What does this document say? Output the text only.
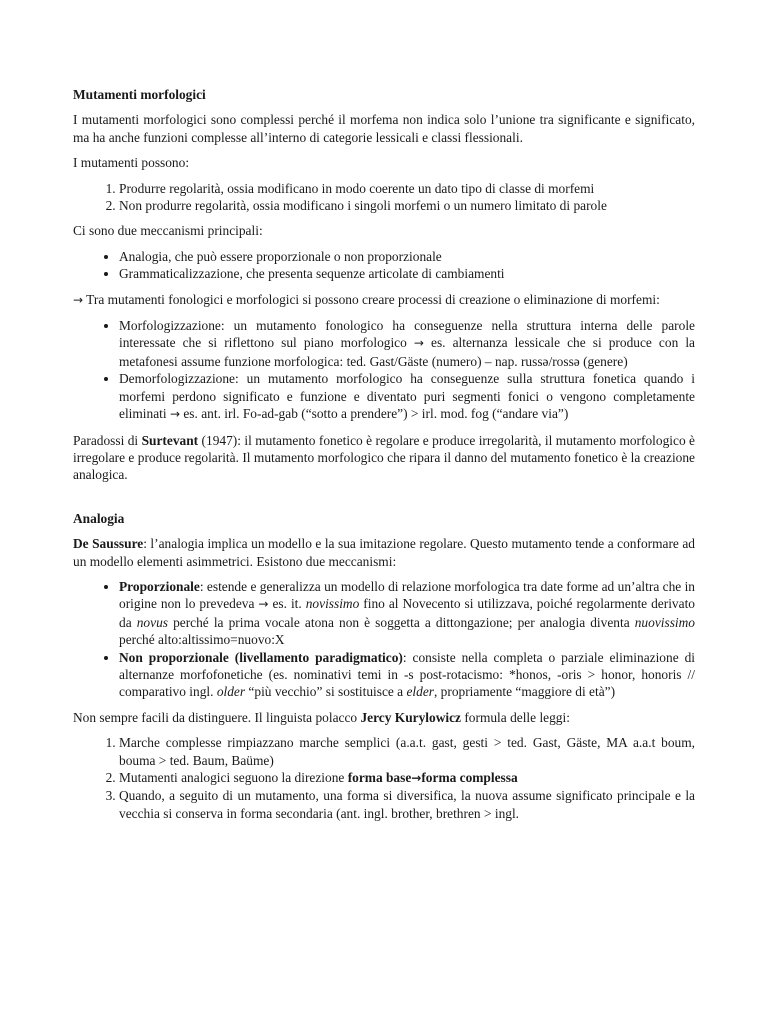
Mutamenti morfologici

I mutamenti morfologici sono complessi perché il morfema non indica solo l’unione tra significante e significato, ma ha anche funzioni complesse all’interno di categorie lessicali e classi flessionali.

I mutamenti possono:

1. Produrre regolarità, ossia modificano in modo coerente un dato tipo di classe di morfemi
2. Non produrre regolarità, ossia modificano i singoli morfemi o un numero limitato di parole

Ci sono due meccanismi principali:

• Analogia, che può essere proporzionale o non proporzionale
• Grammaticalizzazione, che presenta sequenze articolate di cambiamenti

→ Tra mutamenti fonologici e morfologici si possono creare processi di creazione o eliminazione di morfemi:

• Morfologizzazione: un mutamento fonologico ha conseguenze nella struttura interna delle parole interessate che si riflettono sul piano morfologico → es. alternanza lessicale che si produce con la metafonesi assume funzione morfologica: ted. Gast/Gäste (numero) – nap. russə/rossə (genere)
• Demorfologizzazione: un mutamento morfologico ha conseguenze sulla struttura fonetica quando i morfemi perdono significato e funzione e diventato puri segmenti fonici o vengono completamente eliminati → es. ant. irl. Fo-ad-gab (“sotto a prendere”) > irl. mod. fog (“andare via”)

Paradossi di Surtevant (1947): il mutamento fonetico è regolare e produce irregolarità, il mutamento morfologico è irregolare e produce regolarità. Il mutamento morfologico che ripara il danno del mutamento fonetico è la creazione analogica.

Analogia

De Saussure: l’analogia implica un modello e la sua imitazione regolare. Questo mutamento tende a conformare ad un modello elementi asimmetrici. Esistono due meccanismi:

• Proporzionale: estende e generalizza un modello di relazione morfologica tra date forme ad un’altra che in origine non lo prevedeva → es. it. novissimo fino al Novecento si utilizzava, poiché regolarmente derivato da novus perché la prima vocale atona non è soggetta a dittongazione; per analogia diventa nuovissimo perché alto:altissimo=nuovo:X
• Non proporzionale (livellamento paradigmatico): consiste nella completa o parziale eliminazione di alternanze morfofonetiche (es. nominativi temi in -s post-rotacismo: *honos, -oris > honor, honoris // comparativo ingl. older “più vecchio” si sostituisce a elder, propriamente “maggiore di età”)

Non sempre facili da distinguere. Il linguista polacco Jercy Kurylowicz formula delle leggi:

1. Marche complesse rimpiazzano marche semplici (a.a.t. gast, gesti > ted. Gast, Gäste, MA a.a.t boum, bouma > ted. Baum, Baüme)
2. Mutamenti analogici seguono la direzione forma base→forma complessa
3. Quando, a seguito di un mutamento, una forma si diversifica, la nuova assume significato principale e la vecchia si conserva in forma secondaria (ant. ingl. brother, brethren > ingl.
